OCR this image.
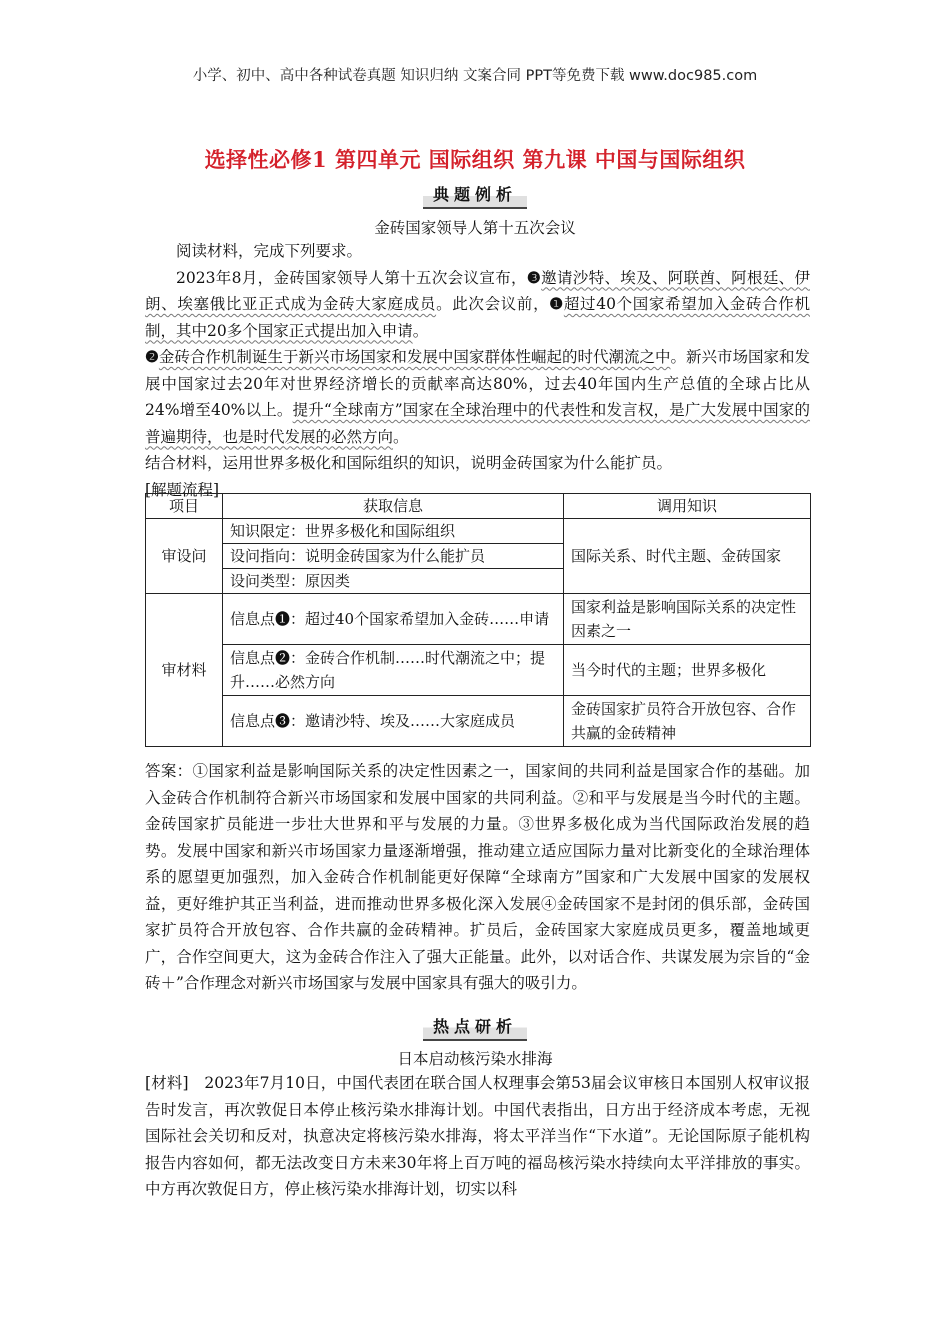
小学、初中、高中各种试卷真题 知识归纳 文案合同 PPT等免费下载 www.doc985.com
选择性必修1 第四单元 国际组织 第九课 中国与国际组织
典题例析
金砖国家领导人第十五次会议

阅读材料，完成下列要求。

2023年8月，金砖国家领导人第十五次会议宣布，❸邀请沙特、埃及、阿联酋、阿根廷、伊朗、埃塞俄比亚正式成为金砖大家庭成员。此次会议前，❶超过40个国家希望加入金砖合作机制，其中20多个国家正式提出加入申请。

❷金砖合作机制诞生于新兴市场国家和发展中国家群体性崛起的时代潮流之中。新兴市场国家和发展中国家过去20年对世界经济增长的贡献率高达80%，过去40年国内生产总值的全球占比从24%增至40%以上。提升“全球南方”国家在全球治理中的代表性和发言权，是广大发展中国家的普遍期待，也是时代发展的必然方向。

结合材料，运用世界多极化和国际组织的知识，说明金砖国家为什么能扩员。

[解题流程]

项目	获取信息	调用知识
审设问	知识限定：世界多极化和国际组织	国际关系、时代主题、金砖国家
	设问指向：说明金砖国家为什么能扩员	
	设问类型：原因类	
审材料	信息点❶：超过40个国家希望加入金砖……申请	国家利益是影响国际关系的决定性因素之一
	信息点❷：金砖合作机制……时代潮流之中；提升……必然方向	当今时代的主题；世界多极化
	信息点❸：邀请沙特、埃及……大家庭成员	金砖国家扩员符合开放包容、合作共赢的金砖精神

答案：①国家利益是影响国际关系的决定性因素之一，国家间的共同利益是国家合作的基础。加入金砖合作机制符合新兴市场国家和发展中国家的共同利益。②和平与发展是当今时代的主题。金砖国家扩员能进一步壮大世界和平与发展的力量。③世界多极化成为当代国际政治发展的趋势。发展中国家和新兴市场国家力量逐渐增强，推动建立适应国际力量对比新变化的全球治理体系的愿望更加强烈，加入金砖合作机制能更好保障“全球南方”国家和广大发展中国家的发展权益，更好维护其正当利益，进而推动世界多极化深入发展④金砖国家不是封闭的俱乐部，金砖国家扩员符合开放包容、合作共赢的金砖精神。扩员后，金砖国家大家庭成员更多，覆盖地域更广，合作空间更大，这为金砖合作注入了强大正能量。此外，以对话合作、共谋发展为宗旨的“金砖＋”合作理念对新兴市场国家与发展中国家具有强大的吸引力。

热点研析
日本启动核污染水排海

[材料]　2023年7月10日，中国代表团在联合国人权理事会第53届会议审核日本国别人权审议报告时发言，再次敦促日本停止核污染水排海计划。中国代表指出，日方出于经济成本考虑，无视国际社会关切和反对，执意决定将核污染水排海，将太平洋当作“下水道”。无论国际原子能机构报告内容如何，都无法改变日方未来30年将上百万吨的福岛核污染水持续向太平洋排放的事实。中方再次敦促日方，停止核污染水排海计划，切实以科
